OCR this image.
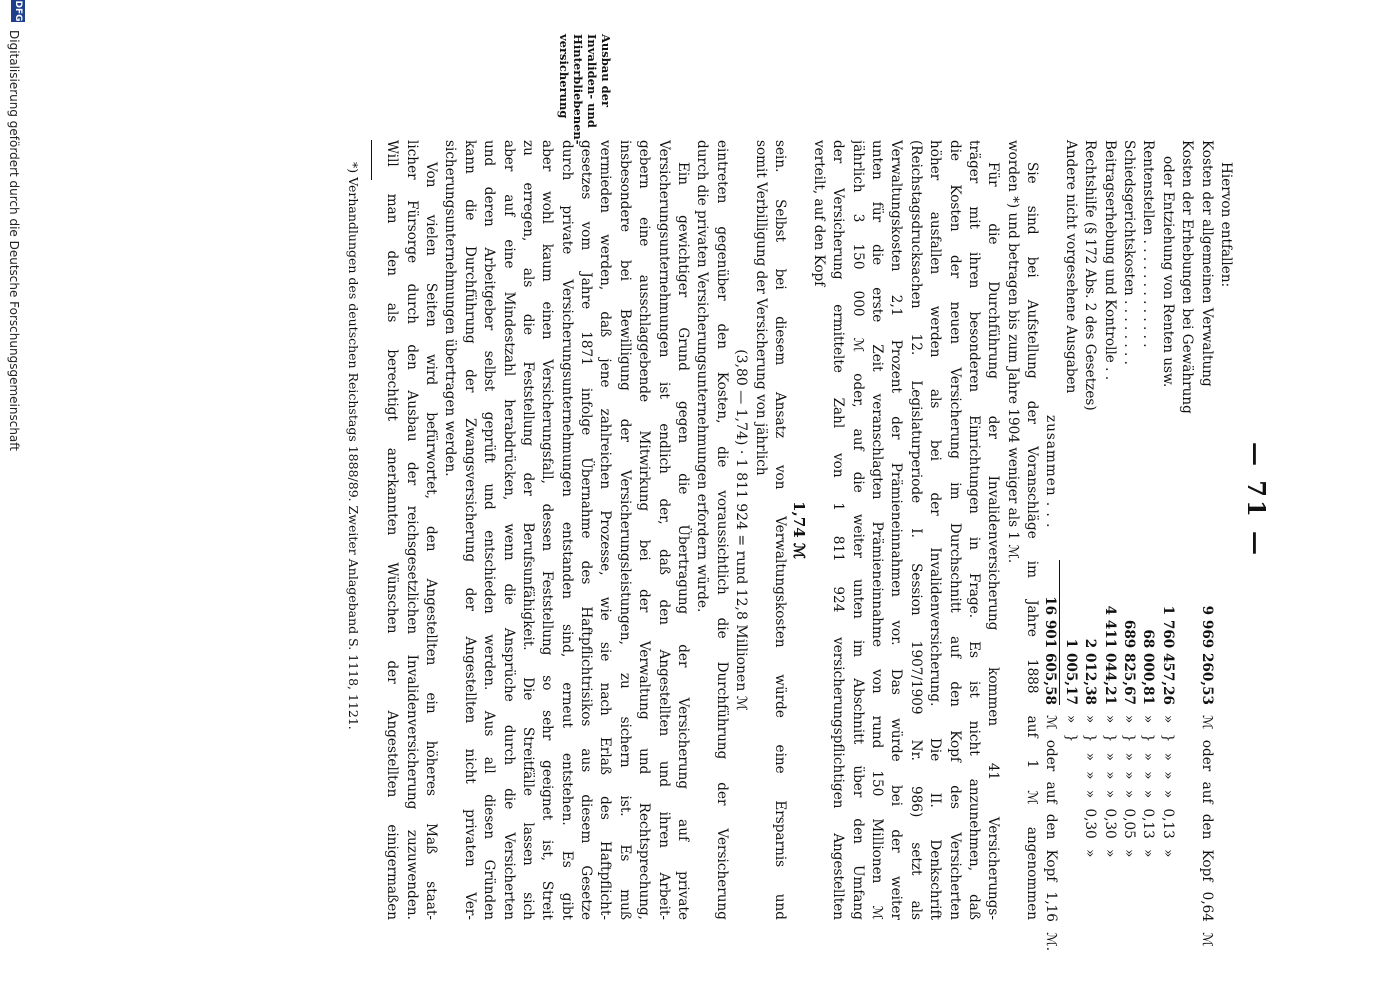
— 71 —
Hiervon entfallen:
Kosten der allgemeinen Verwaltung
9 969 260,53
ℳ oder auf den Kopf 0,64 ℳ
Kosten der Erhebungen bei Gewährung
oder Entziehung von Renten usw.
1 760 457,26
» } » » » 0,13 »
Rentenstellen . . . . . . . . . . . . .
68 000,81
» } » » » 0,13 »
Schiedsgerichtskosten . . . . . . . .
689 825,67
» } » » » 0,05 »
Beitragserhebung und Kontrolle . .
4 411 044,21
» } » » » 0,30 »
Rechtshilfe (§ 172 Abs. 2 des Gesetzes)
2 012,38
» } » » » 0,30 »
Andere nicht vorgesehene Ausgaben
1 005,17
» }
zusammen . . .
16 901 605,58
ℳ oder auf den Kopf 1,16 ℳ.
Sie sind bei Aufstellung der Voranschläge im Jahre 1888 auf 1 ℳ angenommen
worden *) und betragen bis zum Jahre 1904 weniger als 1 ℳ.
Für die Durchführung der Invalidenversicherung kommen 41 Versicherungs-
träger mit ihren besonderen Einrichtungen in Frage. Es ist nicht anzunehmen, daß
die Kosten der neuen Versicherung im Durchschnitt auf den Kopf des Versicherten
höher ausfallen werden als bei der Invalidenversicherung. Die II. Denkschrift
(Reichstagsdrucksachen 12. Legislaturperiode I. Session 1907/1909 Nr. 986) setzt als
Verwaltungskosten 2,1 Prozent der Prämieneinnahmen vor. Das würde bei der weiter
unten für die erste Zeit veranschlagten Prämieneinnahme von rund 150 Millionen ℳ
jährlich 3 150 000 ℳ oder, auf die weiter unten im Abschnitt über den Umfang
der Versicherung ermittelte Zahl von 1 811 924 versicherungspflichtigen Angestellten
verteilt, auf den Kopf
1,74 ℳ
sein. Selbst bei diesem Ansatz von Verwaltungskosten würde eine Ersparnis und
somit Verbilligung der Versicherung von jährlich
(3,80 — 1,74) · 1 811 924 = rund 12,8 Millionen ℳ
eintreten gegenüber den Kosten, die voraussichtlich die Durchführung der Versicherung
durch die privaten Versicherungsunternehmungen erfordern würde.
Ein gewichtiger Grund gegen die Übertragung der Versicherung auf private
Versicherungsunternehmungen ist endlich der, daß den Angestellten und ihren Arbeit-
gebern eine ausschlaggebende Mitwirkung bei der Verwaltung und Rechtsprechung,
insbesondere bei Bewilligung der Versicherungsleistungen, zu sichern ist. Es muß
vermieden werden, daß jene zahlreichen Prozesse, wie sie nach Erlaß des Haftpflicht-
gesetzes vom Jahre 1871 infolge Übernahme des Haftpflichtrisikos aus diesem Gesetze
durch private Versicherungsunternehmungen entstanden sind, erneut entstehen. Es gibt
aber wohl kaum einen Versicherungsfall, dessen Feststellung so sehr geeignet ist, Streit
zu erregen, als die Feststellung der Berufsunfähigkeit. Die Streitfälle lassen sich
aber auf eine Mindestzahl herabdrücken, wenn die Ansprüche durch die Versicherten
und deren Arbeitgeber selbst geprüft und entschieden werden. Aus all diesen Gründen
kann die Durchführung der Zwangsversicherung der Angestellten nicht privaten Ver-
sicherungsunternehmungen übertragen werden.
Von vielen Seiten wird befürwortet, den Angestellten ein höheres Maß staat-
licher Fürsorge durch den Ausbau der reichsgesetzlichen Invalidenversicherung zuzuwenden.
Will man den als berechtigt anerkannten Wünschen der Angestellten einigermaßen
*) Verhandlungen des deutschen Reichstags 1888/89. Zweiter Anlageband S. 1118, 1121.
Ausbau der
Invaliden- und
Hinterbliebenen-
versicherung
Digitalisierung gefördert durch die Deutsche Forschungsgemeinschaft
DFG
